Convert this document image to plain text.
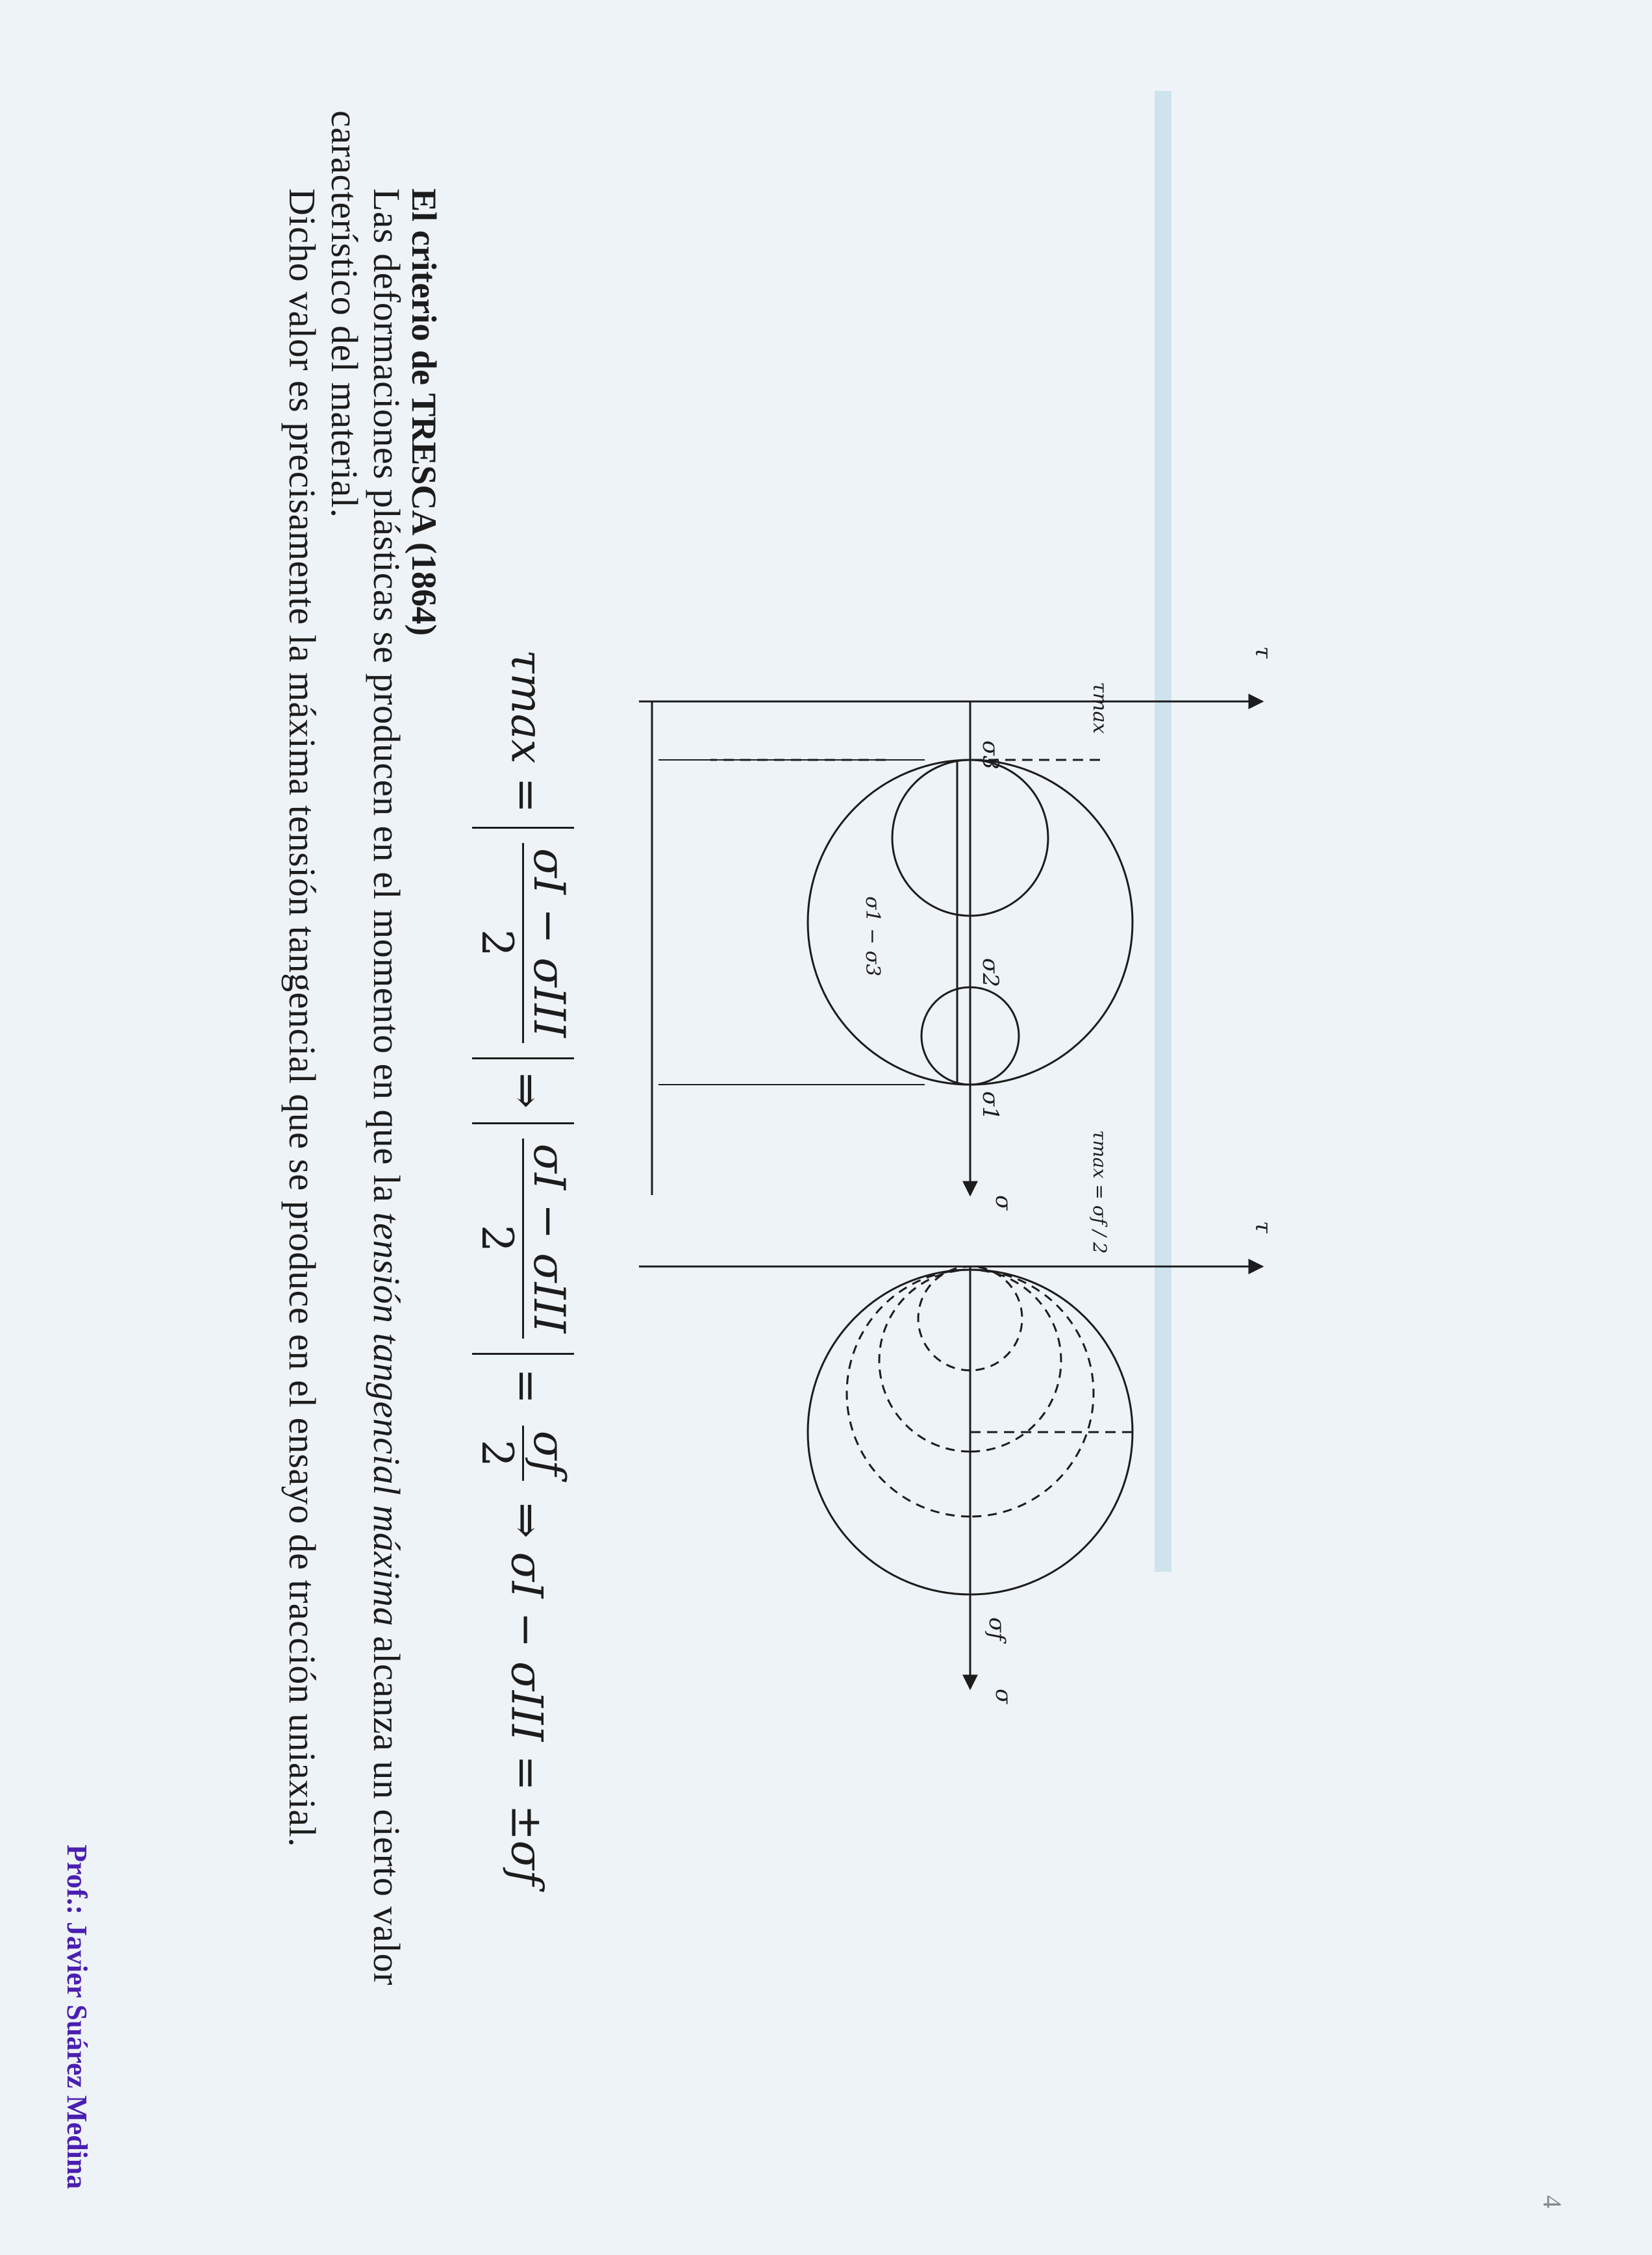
4
El criterio de TRESCA (1864)
Las deformaciones plásticas se producen en el momento en que la tensión tangencial máxima alcanza un cierto valor
característico del material.
Dicho valor es precisamente la máxima tensión tangencial que se produce en el ensayo de tracción uniaxial.	τ
τmax
σ
σ3
σ2
σ1
σ1 − σ3
τ
τmax = σf / 2
σ
σf
τmax =
σI − σIII
2
⇒
σI − σIII
2
=
σf
2
⇒ σI − σIII = ±σf
Prof.: Javier Suárez Medina
